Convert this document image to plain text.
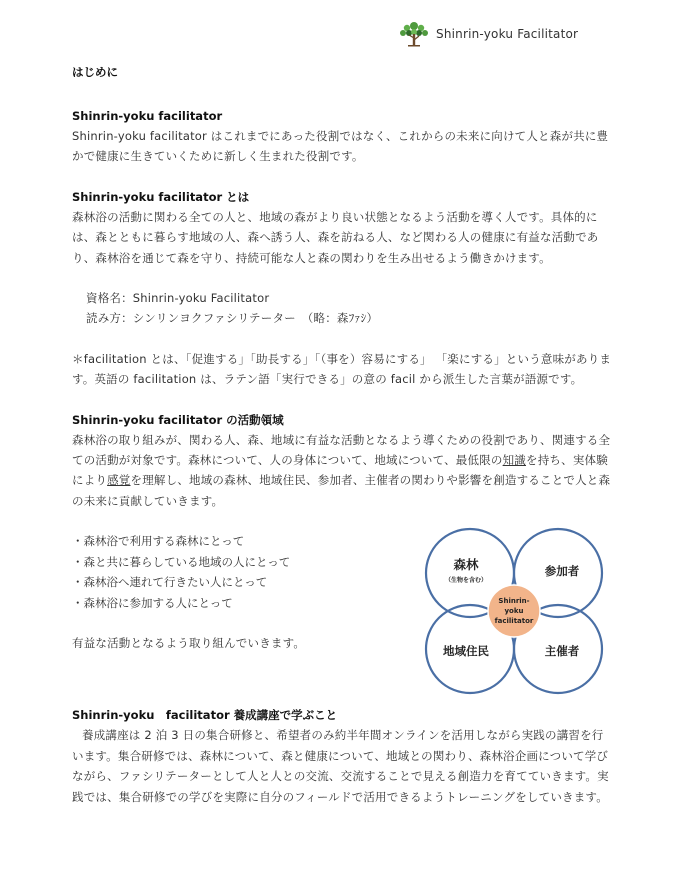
Shinrin-yoku Facilitator

はじめに

Shinrin-yoku facilitator

Shinrin-yoku facilitator はこれまでにあった役割ではなく、これからの未来に向けて人と森が共に豊かで健康に生きていくために新しく生まれた役割です。

Shinrin-yoku facilitator とは

森林浴の活動に関わる全ての人と、地域の森がより良い状態となるよう活動を導く人です。具体的には、森とともに暮らす地域の人、森へ誘う人、森を訪ねる人、など関わる人の健康に有益な活動であり、森林浴を通じて森を守り、持続可能な人と森の関わりを生み出せるよう働きかけます。

資格名：Shinrin-yoku Facilitator

読み方：シンリンヨクファシリテーター　（略：森ﾌｧｼ）

＊facilitation とは、「促進する」「助長する」「（事を）容易にする」 「楽にする」という意味があります。英語の facilitation は、ラテン語「実行できる」の意の facil から派生した言葉が語源です。

Shinrin-yoku facilitator の活動領域

森林浴の取り組みが、関わる人、森、地域に有益な活動となるよう導くための役割であり、関連する全ての活動が対象です。森林について、人の身体について、地域について、最低限の知識を持ち、実体験により感覚を理解し、地域の森林、地域住民、参加者、主催者の関わりや影響を創造することで人と森の未来に貢献していきます。

・森林浴で利用する森林にとって
・森と共に暮らしている地域の人にとって
・森林浴へ連れて行きたい人にとって
・森林浴に参加する人にとって

有益な活動となるよう取り組んでいきます。

森林
（生物を含む）
参加者
地域住民	主催者
Shinrin-
yoku
facilitator

Shinrin-yoku　facilitator 養成講座で学ぶこと

養成講座は 2 泊 3 日の集合研修と、希望者のみ約半年間オンラインを活用しながら実践の講習を行います。集合研修では、森林について、森と健康について、地域との関わり、森林浴企画について学びながら、ファシリテーターとして人と人との交流、交流することで見える創造力を育てていきます。実践では、集合研修での学びを実際に自分のフィールドで活用できるようトレーニングをしていきます。
